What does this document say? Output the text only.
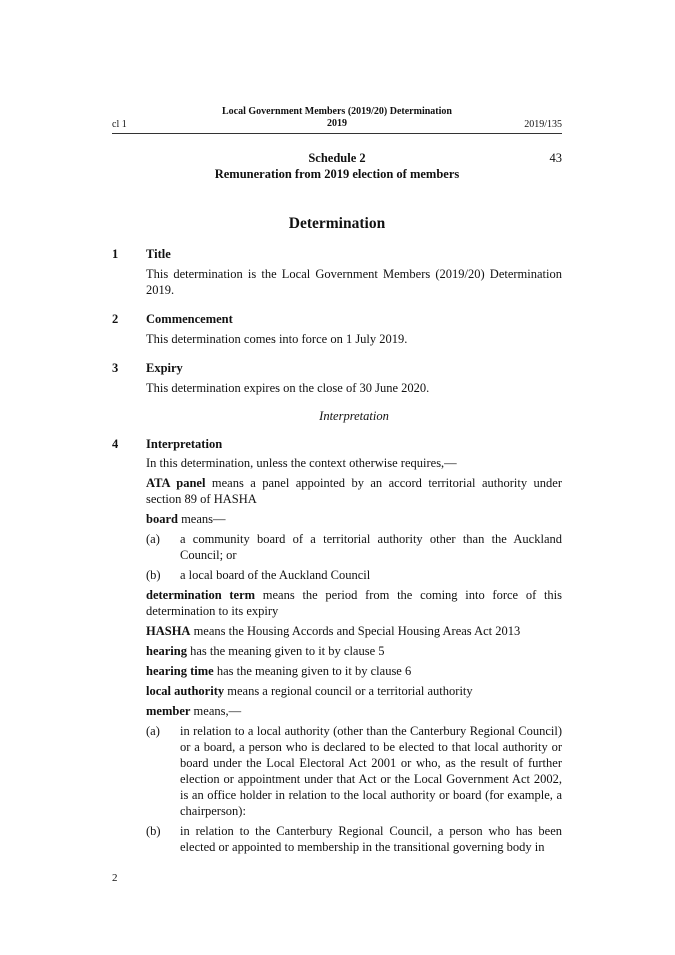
Local Government Members (2019/20) Determination
2019
cl 1	2019/135
Schedule 2	43
Remuneration from 2019 election of members
Determination
1 Title
This determination is the Local Government Members (2019/20) Determination 2019.
2 Commencement
This determination comes into force on 1 July 2019.
3 Expiry
This determination expires on the close of 30 June 2020.
Interpretation
4 Interpretation
In this determination, unless the context otherwise requires,—
ATA panel means a panel appointed by an accord territorial authority under section 89 of HASHA
board means—
(a) a community board of a territorial authority other than the Auckland Council; or
(b) a local board of the Auckland Council
determination term means the period from the coming into force of this determination to its expiry
HASHA means the Housing Accords and Special Housing Areas Act 2013
hearing has the meaning given to it by clause 5
hearing time has the meaning given to it by clause 6
local authority means a regional council or a territorial authority
member means,—
(a) in relation to a local authority (other than the Canterbury Regional Council) or a board, a person who is declared to be elected to that local authority or board under the Local Electoral Act 2001 or who, as the result of further election or appointment under that Act or the Local Government Act 2002, is an office holder in relation to the local authority or board (for example, a chairperson):
(b) in relation to the Canterbury Regional Council, a person who has been elected or appointed to membership in the transitional governing body in
2
